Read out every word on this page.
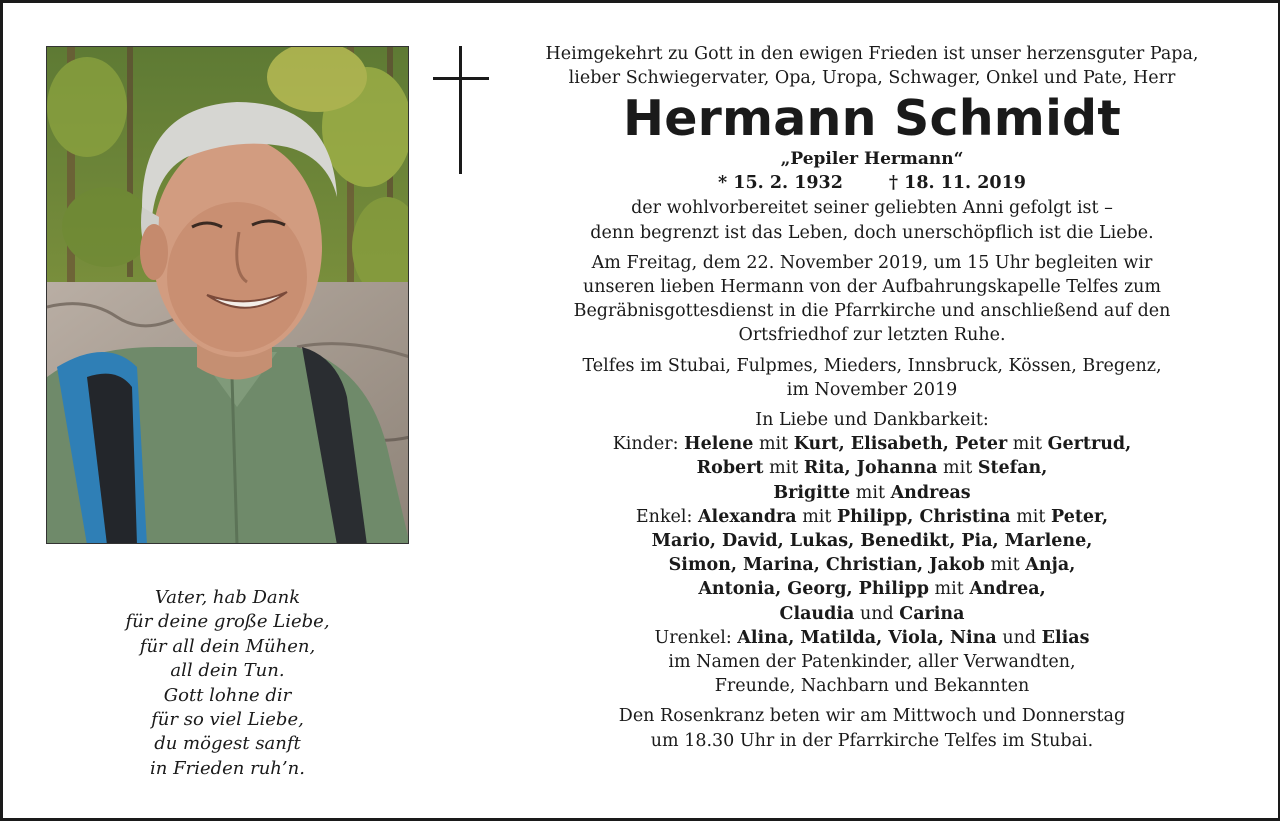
Vater, hab Dank
für deine große Liebe,
für all dein Mühen,
all dein Tun.
Gott lohne dir
für so viel Liebe,
du mögest sanft
in Frieden ruh’n.

Heimgekehrt zu Gott in den ewigen Frieden ist unser herzensguter Papa,

lieber Schwiegervater, Opa, Uropa, Schwager, Onkel und Pate, Herr

Hermann Schmidt

„Pepiler Hermann“

* 15. 2. 1932	† 18. 11. 2019

der wohlvorbereitet seiner geliebten Anni gefolgt ist –

denn begrenzt ist das Leben, doch unerschöpflich ist die Liebe.

Am Freitag, dem 22. November 2019, um 15 Uhr begleiten wir

unseren lieben Hermann von der Aufbahrungskapelle Telfes zum

Begräbnisgottesdienst in die Pfarrkirche und anschließend auf den

Ortsfriedhof zur letzten Ruhe.

Telfes im Stubai, Fulpmes, Mieders, Innsbruck, Kössen, Bregenz,

im November 2019

In Liebe und Dankbarkeit:

Kinder: Helene mit Kurt, Elisabeth, Peter mit Gertrud,

Robert mit Rita, Johanna mit Stefan,

Brigitte mit Andreas

Enkel: Alexandra mit Philipp, Christina mit Peter,

Mario, David, Lukas, Benedikt, Pia, Marlene,

Simon, Marina, Christian, Jakob mit Anja,

Antonia, Georg, Philipp mit Andrea,

Claudia und Carina

Urenkel: Alina, Matilda, Viola, Nina und Elias

im Namen der Patenkinder, aller Verwandten,

Freunde, Nachbarn und Bekannten

Den Rosenkranz beten wir am Mittwoch und Donnerstag

um 18.30 Uhr in der Pfarrkirche Telfes im Stubai.
